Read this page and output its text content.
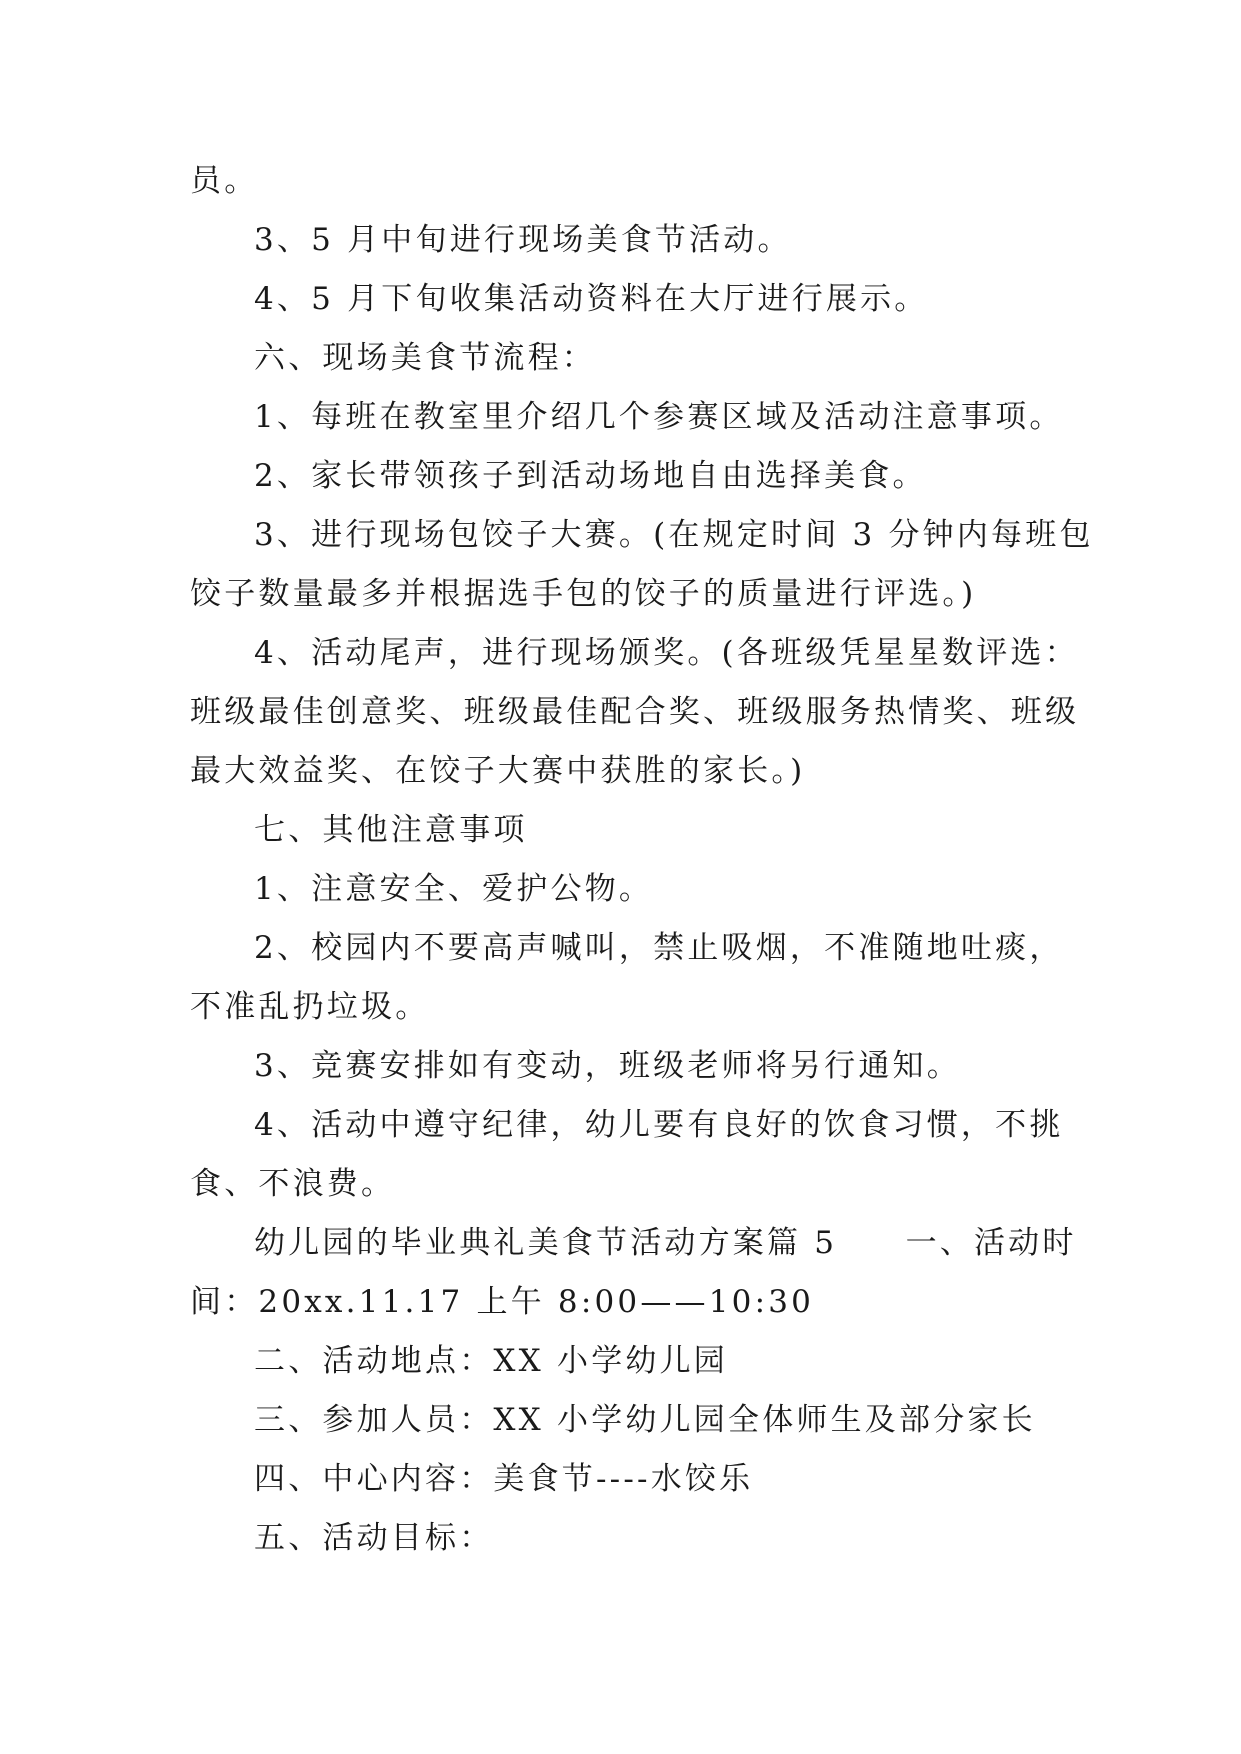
员。
3、5 月中旬进行现场美食节活动。
4、5 月下旬收集活动资料在大厅进行展示。
六、现场美食节流程：
1、每班在教室里介绍几个参赛区域及活动注意事项。
2、家长带领孩子到活动场地自由选择美食。
3、进行现场包饺子大赛。(在规定时间 3 分钟内每班包
饺子数量最多并根据选手包的饺子的质量进行评选。)
4、活动尾声，进行现场颁奖。(各班级凭星星数评选：
班级最佳创意奖、班级最佳配合奖、班级服务热情奖、班级
最大效益奖、在饺子大赛中获胜的家长。)
七、其他注意事项
1、注意安全、爱护公物。
2、校园内不要高声喊叫，禁止吸烟，不准随地吐痰，
不准乱扔垃圾。
3、竞赛安排如有变动，班级老师将另行通知。
4、活动中遵守纪律，幼儿要有良好的饮食习惯，不挑
食、不浪费。
幼儿园的毕业典礼美食节活动方案篇 5　　一、活动时
间：20xx.11.17 上午 8:00——10:30
二、活动地点：XX 小学幼儿园
三、参加人员：XX 小学幼儿园全体师生及部分家长
四、中心内容：美食节----水饺乐
五、活动目标：
